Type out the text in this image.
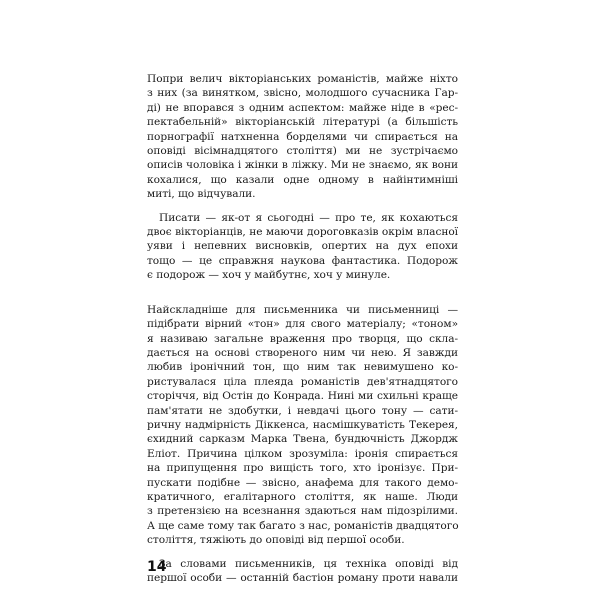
Попри велич вікторіанських романістів, майже ніхто
з них (за винятком, звісно, молодшого сучасника Гар-
ді) не впорався з одним аспектом: майже ніде в «рес-
пектабельній» вікторіанській літературі (а більшість
порнографії натхненна борделями чи спирається на
оповіді вісімнадцятого століття) ми не зустрічаємо
описів чоловіка і жінки в ліжку. Ми не знаємо, як вони
кохалися, що казали одне одному в найінтимніші
миті, що відчували.

Писати — як-от я сьогодні — про те, як кохаються
двоє вікторіанців, не маючи дороговказів окрім власної
уяви і непевних висновків, опертих на дух епохи
тощо — це справжня наукова фантастика. Подорож
є подорож — хоч у майбутнє, хоч у минуле.

Найскладніше для письменника чи письменниці —
підібрати вірний «тон» для свого матеріалу; «тоном»
я називаю загальне враження про творця, що скла-
дається на основі створеного ним чи нею. Я завжди
любив іронічний тон, що ним так невимушено ко-
ристувалася ціла плеяда романістів дев'ятнадцятого
сторіччя, від Остін до Конрада. Нині ми схильні краще
пам'ятати не здобутки, і невдачі цього тону — сати-
ричну надмірність Діккенса, насмішкуватість Текерея,
єхидний сарказм Марка Твена, бундючність Джордж
Еліот. Причина цілком зрозуміла: іронія спирається
на припущення про вищість того, хто іронізує. При-
пускати подібне — звісно, анафема для такого демо-
кратичного, егалітарного століття, як наше. Люди
з претензією на всезнання здаються нам підозрілими.
А ще саме тому так багато з нас, романістів двадцятого
століття, тяжіють до оповіді від першої особи.

За словами письменників, ця техніка оповіді від
першої особи — останній бастіон роману проти навали

14
